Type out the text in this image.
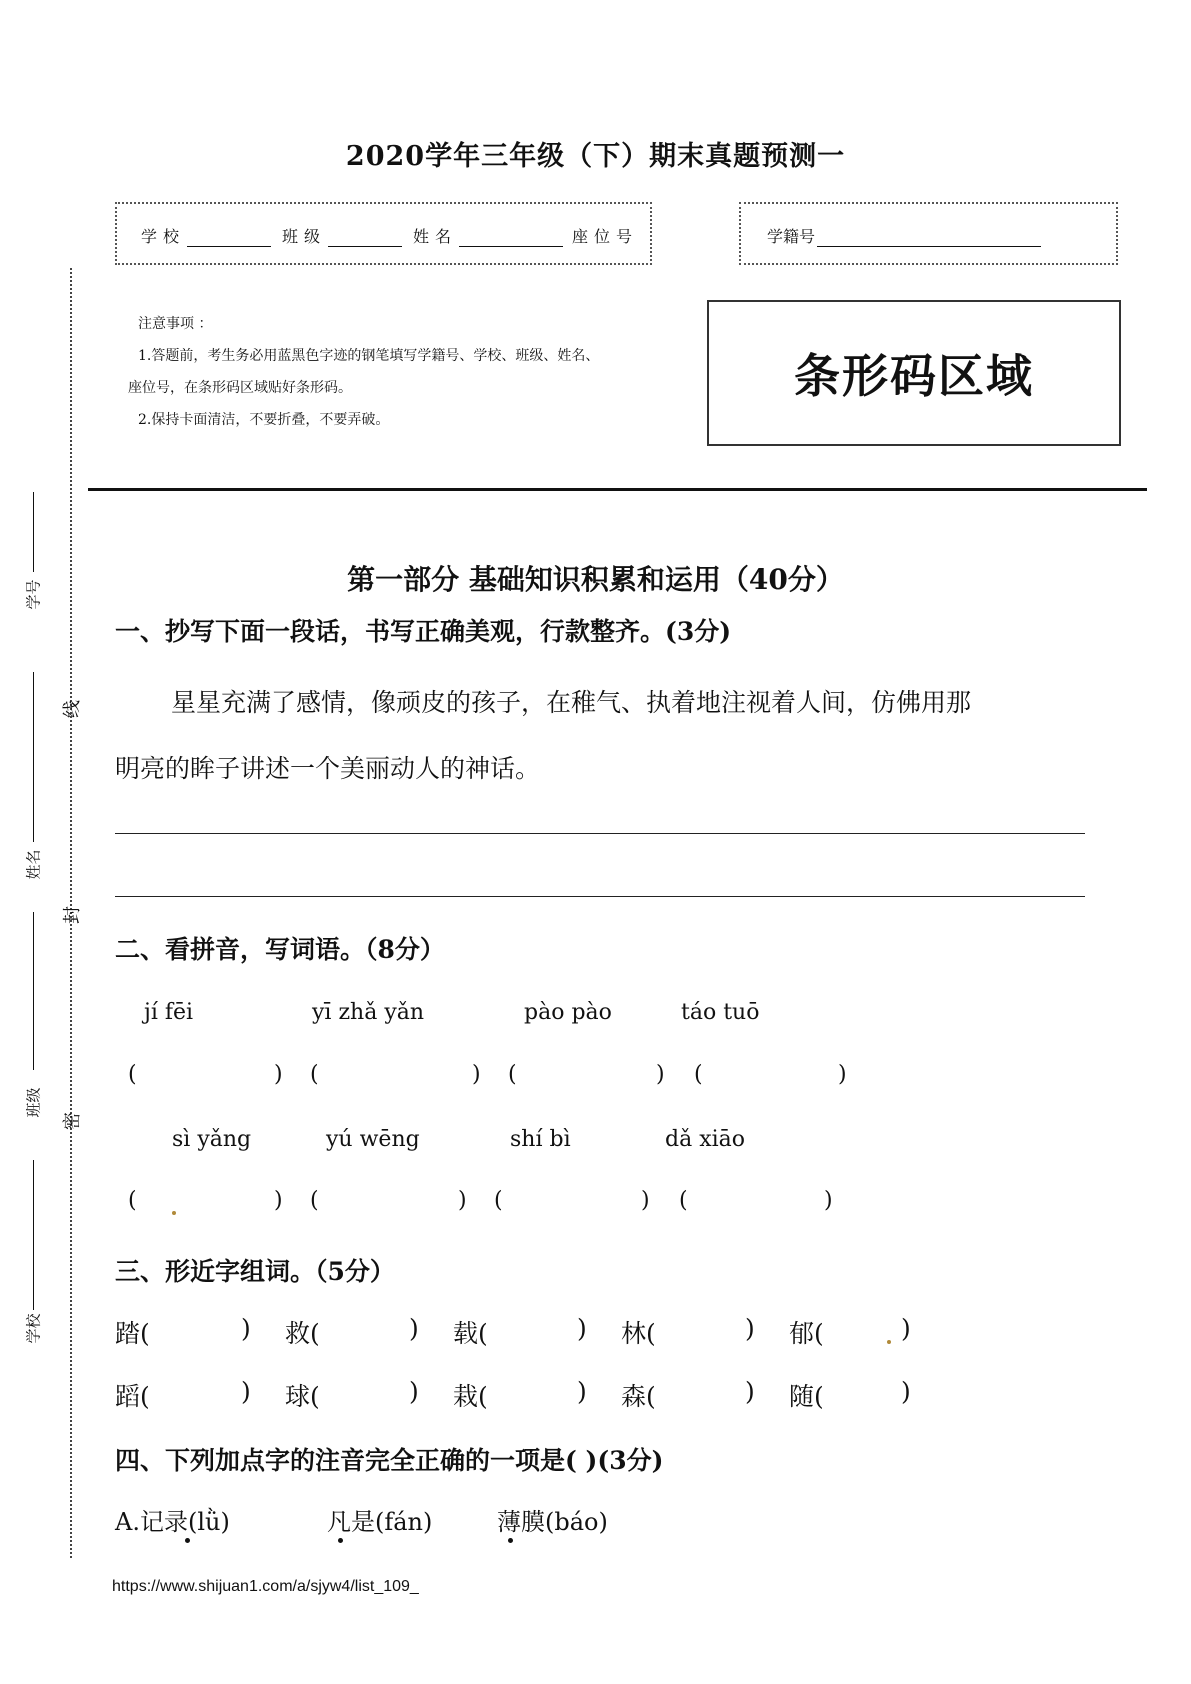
2020学年三年级（下）期末真题预测一
学校	班级	姓名	座位号	学籍号

注意事项 ：

1.答题前，考生务必用蓝黑色字迹的钢笔填写学籍号、学校、班级、姓名、

座位号，在条形码区域贴好条形码。

2.保持卡面清洁，不要折叠，不要弄破。

条形码区域
学号
姓名
班级
学校
线
封
密
第一部分 基础知识积累和运用（40分）
一、抄写下面一段话，书写正确美观，行款整齐。(3分)
星星充满了感情，像顽皮的孩子，在稚气、执着地注视着人间，仿佛用那
明亮的眸子讲述一个美丽动人的神话。
二、看拼音，写词语。（8分）
jí fēi	yī zhǎ yǎn	pào pào	táo tuō
(	) (	) (	) (	)
sì yǎng	yú wēng	shí bì	dǎ xiāo
(	) (	) (	) (	)
三、形近字组词。（5分）
踏(	) 救(	) 载(	) 林(	) 郁(	)
蹈(	) 球(	) 栽(	) 森(	) 随(	)
四、下列加点字的注音完全正确的一项是( )(3分)
A.记录(lǜ)	凡是(fán)	薄膜(báo)
https://www.shijuan1.com/a/sjyw4/list_109_
